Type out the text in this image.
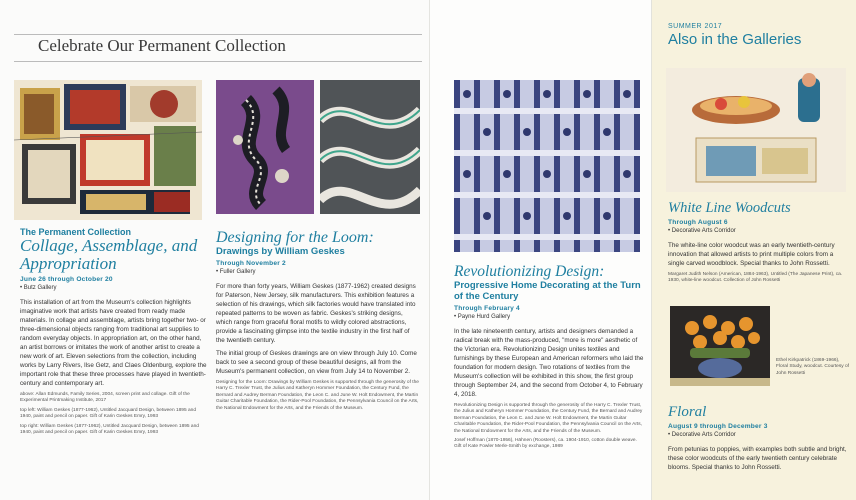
Celebrate Our Permanent Collection
The Permanent Collection
Collage, Assemblage, and Appropriation
June 26 through October 20
• Butz Gallery

This installation of art from the Museum's collection highlights imaginative work that artists have created from ready made materials. In collage and assemblage, artists bring together two- or three-dimensional objects ranging from traditional art supplies to random everyday objects. In appropriation art, on the other hand, an artist borrows or imitates the work of another artist to create a new work of art. Eleven selections from the collection, including works by Larry Rivers, Ilse Getz, and Claes Oldenburg, explore the important role that these three processes have played in twentieth-century and contemporary art.

above: Allan Edmunds, Family Series, 2004, screen print and collage. Gift of the Experimental Printmaking Institute, 2017

top left: William Geskes (1877-1962), Untitled Jacquard Design, between 1895 and 1940, paint and pencil on paper. Gift of Karin Geskes Emry, 1993

top right: William Geskes (1877-1962), Untitled Jacquard Design, between 1895 and 1940, paint and pencil on paper. Gift of Karin Geskes Emry, 1993

Designing for the Loom:
Drawings by William Geskes
Through November 2
• Fuller Gallery

For more than forty years, William Geskes (1877-1962) created designs for Paterson, New Jersey, silk manufacturers. This exhibition features a selection of his drawings, which silk factories would have translated into repeated patterns to be woven as fabric. Geskes's striking designs, which range from graceful floral motifs to wildly colored abstractions, provide a fascinating glimpse into the textile industry in the first half of the twentieth century.

The initial group of Geskes drawings are on view through July 10. Come back to see a second group of these beautiful designs, all from the Museum's permanent collection, on view from July 14 to November 2.

Designing for the Loom: Drawings by William Geskes is supported through the generosity of the Harry C. Trexler Trust, the Julius and Katheryn Hommer Foundation, the Century Fund, the Bernard and Audrey Berman Foundation, the Leon C. and June W. Holt Endowment, the Martin Guitar Charitable Foundation, the Rider-Pool Foundation, the Pennsylvania Council on the Arts, the National Endowment for the Arts, and the Friends of the Museum.

Revolutionizing Design:
Progressive Home Decorating at the Turn of the Century
Through February 4
• Payne Hurd Gallery

In the late nineteenth century, artists and designers demanded a radical break with the mass-produced, "more is more" aesthetic of the Victorian era. Revolutionizing Design unites textiles and furnishings by these European and American reformers who laid the foundation for modern design. Two rotations of textiles from the Museum's collection will be exhibited in this show, the first group through September 24, and the second from October 4, to February 4, 2018.

Revolutionizing Design is supported through the generosity of the Harry C. Trexler Trust, the Julius and Katheryn Hommer Foundation, the Century Fund, the Bernard and Audrey Berman Foundation, the Leon C. and June W. Holt Endowment, the Martin Guitar Charitable Foundation, the Rider-Pool Foundation, the Pennsylvania Council on the Arts, the National Endowment for the Arts, and the Friends of the Museum.

Josef Hoffman (1870-1956), Hähnen (Roosters), ca. 1904-1910, cotton double weave. Gift of Kate Fowler Merle-Smith by exchange, 1989

SUMMER 2017
Also in the Galleries
White Line Woodcuts
Through August 6
• Decorative Arts Corridor

The white-line color woodcut was an early twentieth-century innovation that allowed artists to print multiple colors from a single carved woodblock. Special thanks to John Rossetti.

Margaret Judith Nelson (American, 1884-1963), Untitled (The Japanese Print), ca. 1930, white-line woodcut. Collection of John Rossetti
Ethel Kirkpatrick (1869-1966), Floral Study, woodcut. Courtesy of John Rossetti
Floral
August 9 through December 3
• Decorative Arts Corridor

From petunias to poppies, with examples both subtle and bright, these color woodcuts of the early twentieth century celebrate blooms. Special thanks to John Rossetti.
